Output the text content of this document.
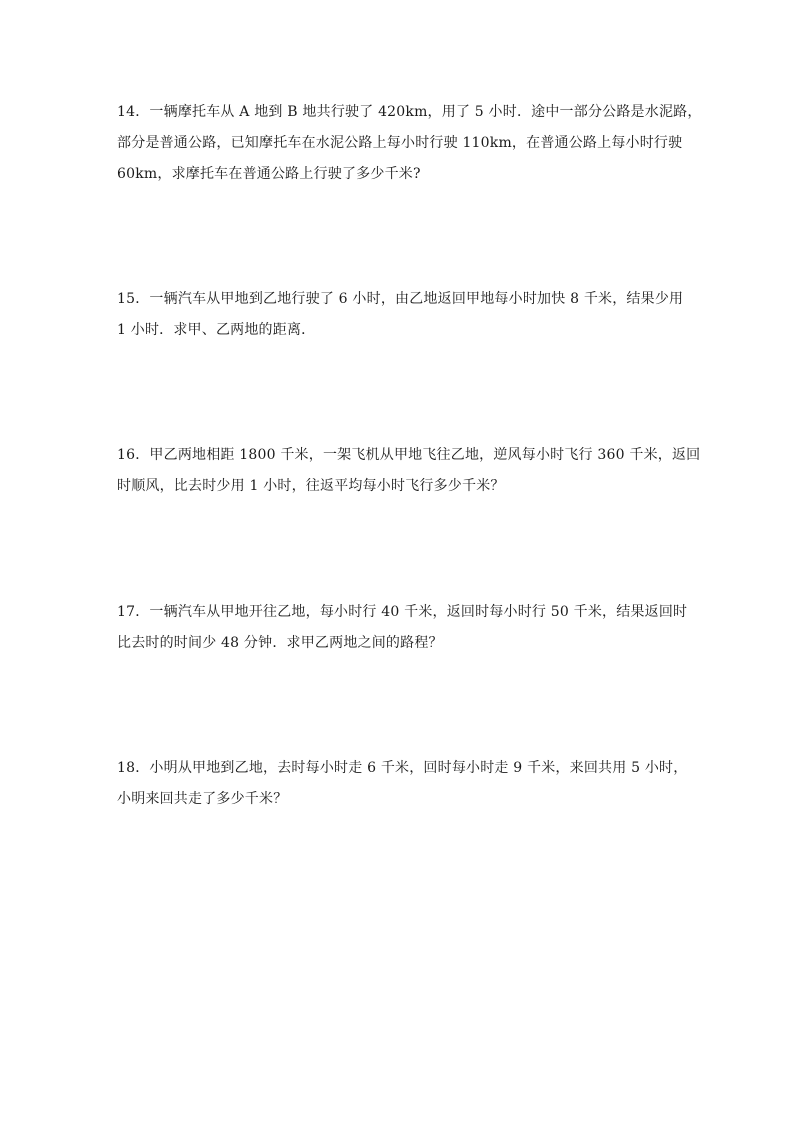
14．一辆摩托车从 A 地到 B 地共行驶了 420km，用了 5 小时．途中一部分公路是水泥路，
部分是普通公路，已知摩托车在水泥公路上每小时行驶 110km，在普通公路上每小时行驶
60km，求摩托车在普通公路上行驶了多少千米?
15．一辆汽车从甲地到乙地行驶了 6 小时，由乙地返回甲地每小时加快 8 千米，结果少用
1 小时．求甲、乙两地的距离．
16．甲乙两地相距 1800 千米，一架飞机从甲地飞往乙地，逆风每小时飞行 360 千米，返回
时顺风，比去时少用 1 小时，往返平均每小时飞行多少千米？
17．一辆汽车从甲地开往乙地，每小时行 40 千米，返回时每小时行 50 千米，结果返回时
比去时的时间少 48 分钟．求甲乙两地之间的路程？
18．小明从甲地到乙地，去时每小时走 6 千米，回时每小时走 9 千米，来回共用 5 小时，
小明来回共走了多少千米？
